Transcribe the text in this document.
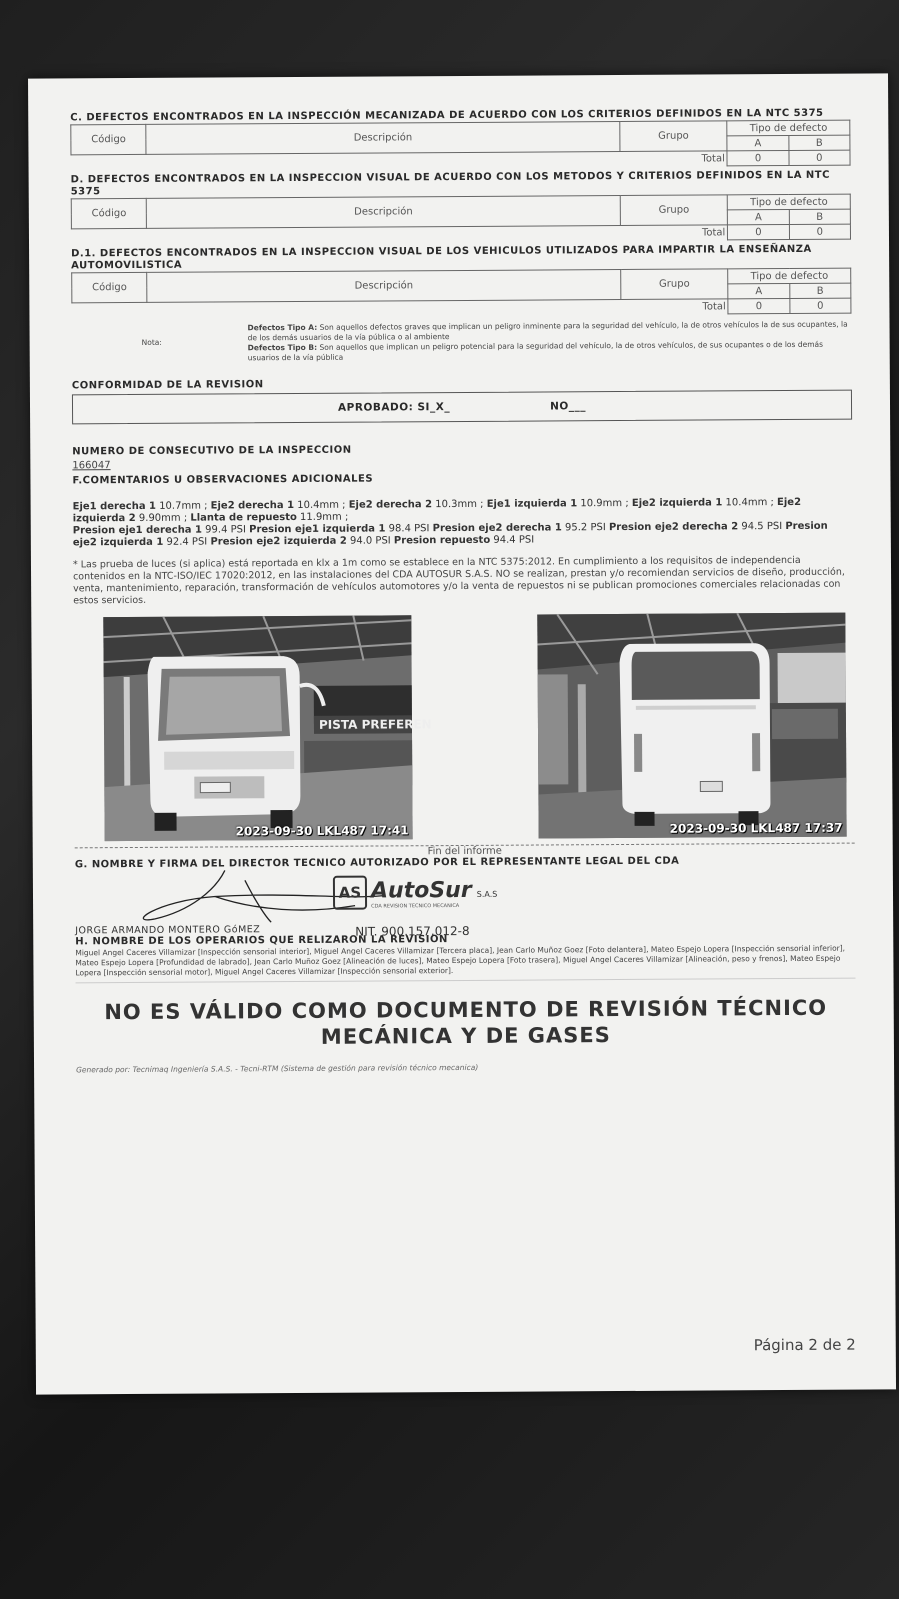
C. DEFECTOS ENCONTRADOS EN LA INSPECCIÓN MECANIZADA DE ACUERDO CON LOS CRITERIOS DEFINIDOS EN LA NTC 5375

Código	Descripción	Grupo	Tipo de defecto	
			A	B
		Total	0	0

D. DEFECTOS ENCONTRADOS EN LA INSPECCION VISUAL DE ACUERDO CON LOS METODOS Y CRITERIOS DEFINIDOS EN LA NTC 5375

Código	Descripción	Grupo	Tipo de defecto	
			A	B
		Total	0	0

D.1. DEFECTOS ENCONTRADOS EN LA INSPECCION VISUAL DE LOS VEHICULOS UTILIZADOS PARA IMPARTIR LA ENSEÑANZA AUTOMOVILISTICA

Código	Descripción	Grupo	Tipo de defecto	
			A	B
		Total	0	0
Nota:
Defectos Tipo A: Son aquellos defectos graves que implican un peligro inminente para la seguridad del vehículo, la de otros vehículos la de sus ocupantes, la de los demás usuarios de la vía pública o al ambiente
Defectos Tipo B: Son aquellos que implican un peligro potencial para la seguridad del vehículo, la de otros vehículos, de sus ocupantes o de los demás usuarios de la vía pública

CONFORMIDAD DE LA REVISION

APROBADO: SI_X_	NO___

NUMERO DE CONSECUTIVO DE LA INSPECCION

166047

F.COMENTARIOS U OBSERVACIONES ADICIONALES

Eje1 derecha 1 10.7mm ; Eje2 derecha 1 10.4mm ; Eje2 derecha 2 10.3mm ; Eje1 izquierda 1 10.9mm ; Eje2 izquierda 1 10.4mm ; Eje2 izquierda 2 9.90mm ; Llanta de repuesto 11.9mm ;
Presion eje1 derecha 1 99.4 PSI Presion eje1 izquierda 1 98.4 PSI Presion eje2 derecha 1 95.2 PSI Presion eje2 derecha 2 94.5 PSI Presion eje2 izquierda 1 92.4 PSI Presion eje2 izquierda 2 94.0 PSI Presion repuesto 94.4 PSI
* Las prueba de luces (si aplica) está reportada en klx a 1m como se establece en la NTC 5375:2012. En cumplimiento a los requisitos de independencia contenidos en la NTC-ISO/IEC 17020:2012, en las instalaciones del CDA AUTOSUR S.A.S. NO se realizan, prestan y/o recomiendan servicios de diseño, producción, venta, mantenimiento, reparación, transformación de vehículos automotores y/o la venta de repuestos ni se publican promociones comerciales relacionadas con estos servicios.
PISTA PREFEREN
2023-09-30 LKL487 17:41	2023-09-30 LKL487 17:37
Fin del informe

G. NOMBRE Y FIRMA DEL DIRECTOR TECNICO AUTORIZADO POR EL REPRESENTANTE LEGAL DEL CDA

AS AutoSur S.A.S
CDA REVISION TECNICO MECANICA
JORGE ARMANDO MONTERO GóMEZ

H. NOMBRE DE LOS OPERARIOS QUE RELIZARON LA REVISION

NIT. 900.157.012-8
Miguel Angel Caceres Villamizar [Inspección sensorial interior], Miguel Angel Caceres Villamizar [Tercera placa], Jean Carlo Muñoz Goez [Foto delantera], Mateo Espejo Lopera [Inspección sensorial inferior], Mateo Espejo Lopera [Profundidad de labrado], Jean Carlo Muñoz Goez [Alineación de luces], Mateo Espejo Lopera [Foto trasera], Miguel Angel Caceres Villamizar [Alineación, peso y frenos], Mateo Espejo Lopera [Inspección sensorial motor], Miguel Angel Caceres Villamizar [Inspección sensorial exterior].
NO ES VÁLIDO COMO DOCUMENTO DE REVISIÓN TÉCNICO
MECÁNICA Y DE GASES
Generado por: Tecnimaq Ingeniería S.A.S. - Tecni-RTM (Sistema de gestión para revisión técnico mecanica)
Página 2 de 2
